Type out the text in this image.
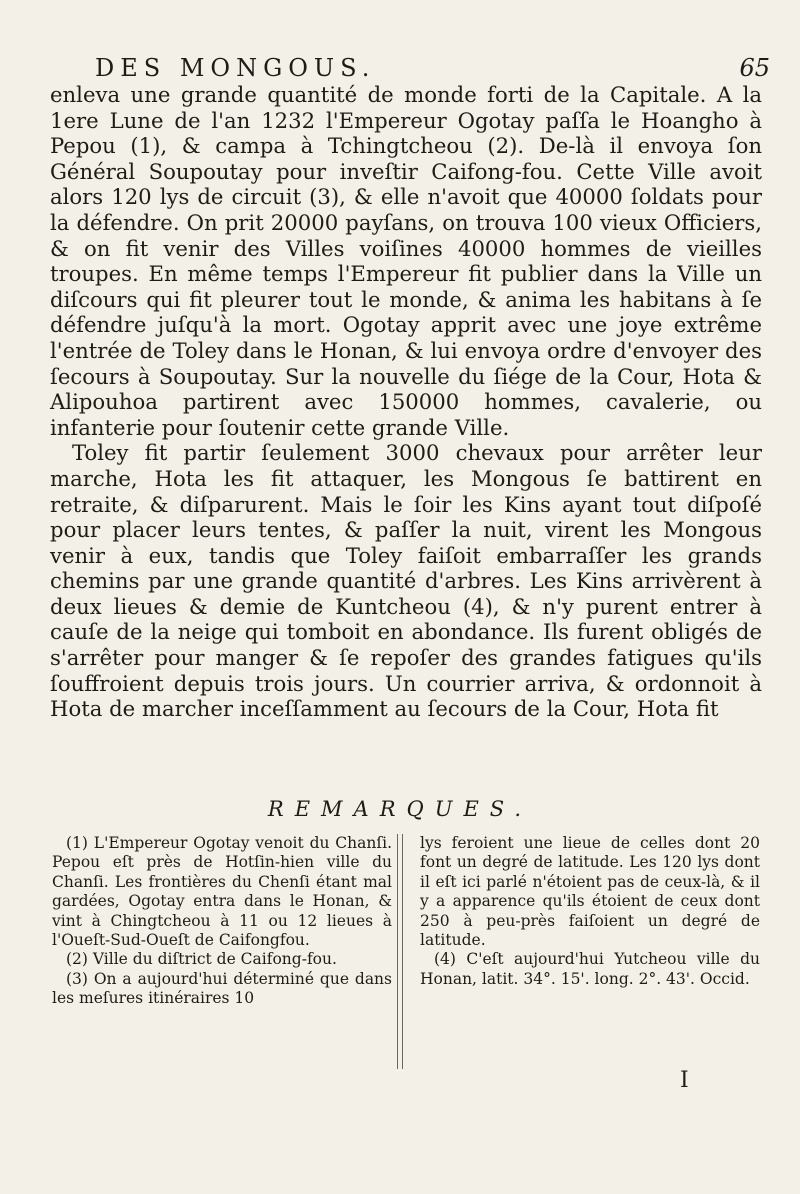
DES MONGOUS.	65

enleva une grande quantité de monde forti de la Capitale. A la 1ere Lune de l'an 1232 l'Empereur Ogotay paſſa le Hoangho à Pepou (1), & campa à Tchingtcheou (2). De-là il envoya ſon Général Soupoutay pour inveſtir Caifong-fou. Cette Ville avoit alors 120 lys de circuit (3), & elle n'avoit que 40000 ſoldats pour la défendre. On prit 20000 payſans, on trouva 100 vieux Officiers, & on fit venir des Villes voiſines 40000 hommes de vieilles troupes. En même temps l'Empereur fit publier dans la Ville un diſcours qui fit pleurer tout le monde, & anima les habitans à ſe défendre juſqu'à la mort. Ogotay apprit avec une joye extrême l'entrée de Toley dans le Honan, & lui envoya ordre d'envoyer des ſecours à Soupoutay. Sur la nouvelle du ſiége de la Cour, Hota & Alipouhoa partirent avec 150000 hommes, cavalerie, ou infanterie pour ſoutenir cette grande Ville.

Toley fit partir ſeulement 3000 chevaux pour arrêter leur marche, Hota les fit attaquer, les Mongous ſe battirent en retraite, & diſparurent. Mais le ſoir les Kins ayant tout diſpoſé pour placer leurs tentes, & paſſer la nuit, virent les Mongous venir à eux, tandis que Toley faiſoit embarraſſer les grands chemins par une grande quantité d'arbres. Les Kins arrivèrent à deux lieues & demie de Kuntcheou (4), & n'y purent entrer à cauſe de la neige qui tomboit en abondance. Ils furent obligés de s'arrêter pour manger & ſe repoſer des grandes fatigues qu'ils ſouffroient depuis trois jours. Un courrier arriva, & ordonnoit à Hota de marcher inceſſamment au ſecours de la Cour, Hota fit

REMARQUES.

(1) L'Empereur Ogotay venoit du Chanſi. Pepou eſt près de Hotſin-hien ville du Chanſi. Les frontières du Chenſi étant mal gardées, Ogotay entra dans le Honan, & vint à Chingtcheou à 11 ou 12 lieues à l'Oueſt-Sud-Oueſt de Caifongfou.

(2) Ville du diſtrict de Caifong-fou.

(3) On a aujourd'hui déterminé que dans les meſures itinéraires 10

lys feroient une lieue de celles dont 20 font un degré de latitude. Les 120 lys dont il eſt ici parlé n'étoient pas de ceux-là, & il y a apparence qu'ils étoient de ceux dont 250 à peu-près faiſoient un degré de latitude.

(4) C'eſt aujourd'hui Yutcheou ville du Honan, latit. 34°. 15'. long. 2°. 43'. Occid.

I
